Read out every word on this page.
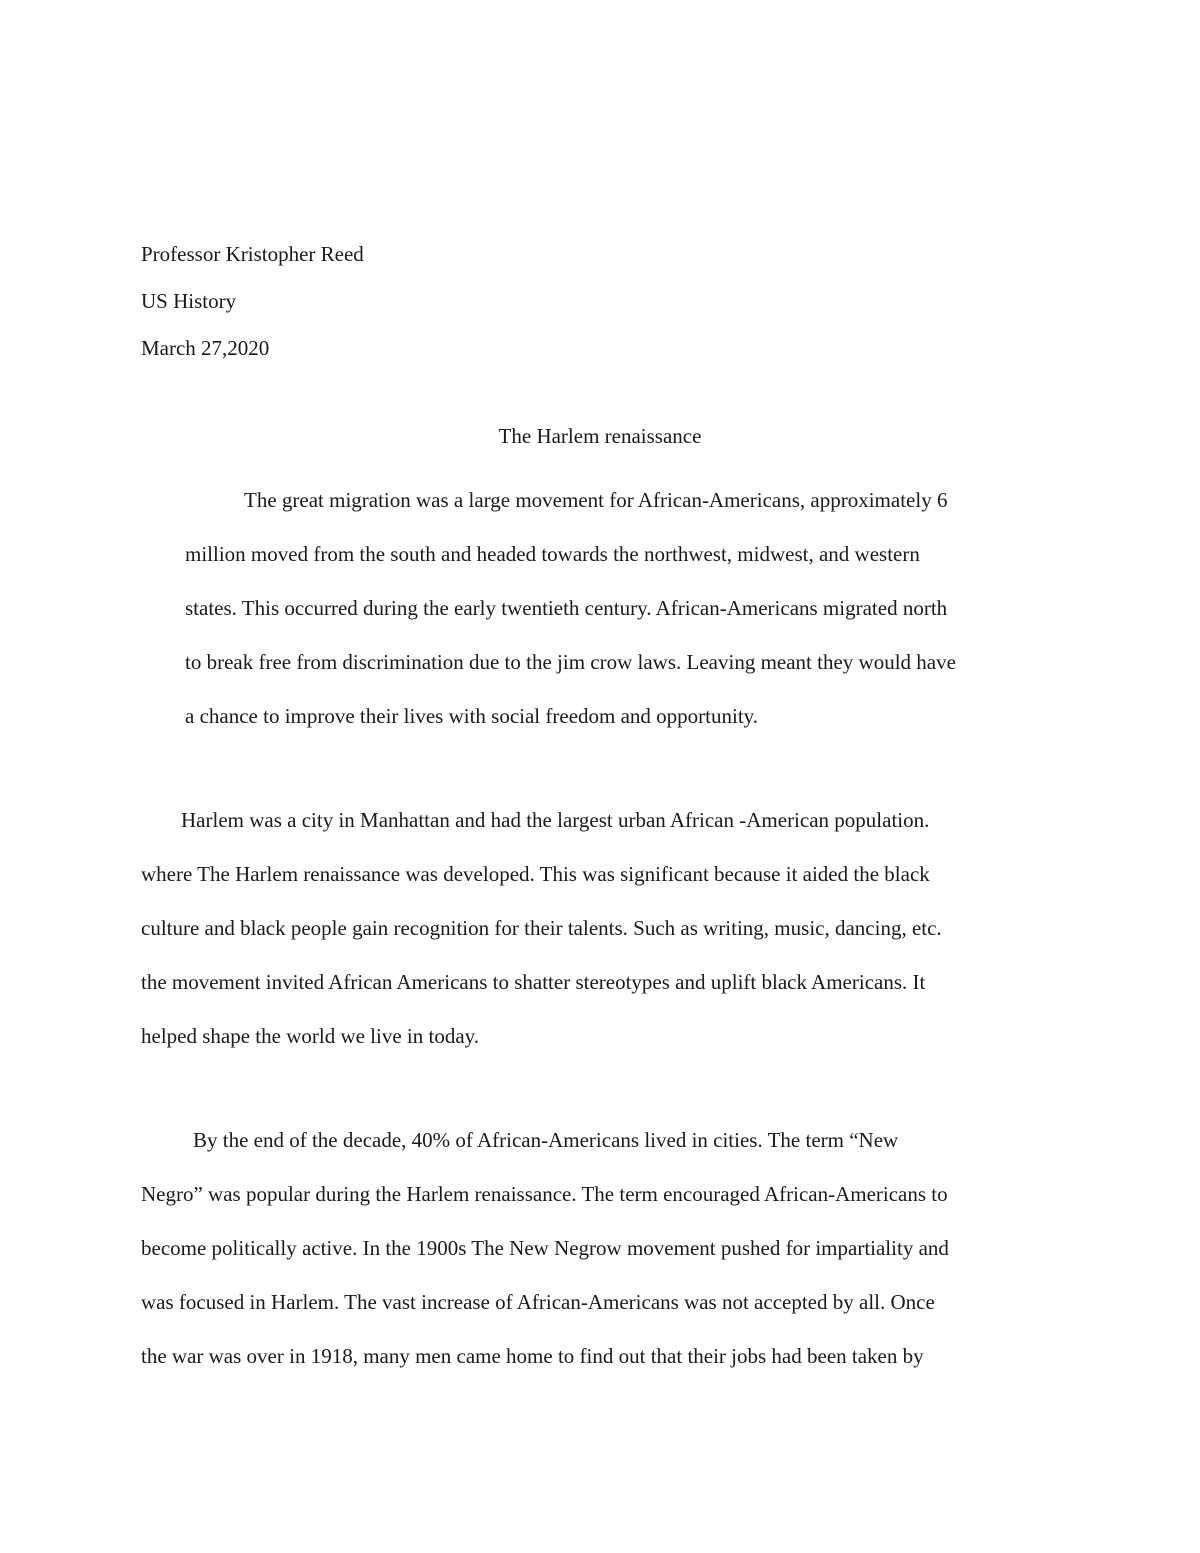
Professor Kristopher Reed
US History
March 27,2020
The Harlem renaissance
The great migration was a large movement for African-Americans, approximately 6
million moved from the south and headed towards the northwest, midwest, and western
states. This occurred during the early twentieth century. African-Americans migrated north
to break free from discrimination due to the jim crow laws. Leaving meant they would have
a chance to improve their lives with social freedom and opportunity.
Harlem was a city in Manhattan and had the largest urban African -American population.
where The Harlem renaissance was developed. This was significant because it aided the black
culture and black people gain recognition for their talents. Such as writing, music, dancing, etc.
the movement invited African Americans to shatter stereotypes and uplift black Americans. It
helped shape the world we live in today.
By the end of the decade, 40% of African-Americans lived in cities. The term “New
Negro” was popular during the Harlem renaissance. The term encouraged African-Americans to
become politically active. In the 1900s The New Negrow movement pushed for impartiality and
was focused in Harlem. The vast increase of African-Americans was not accepted by all. Once
the war was over in 1918, many men came home to find out that their jobs had been taken by
